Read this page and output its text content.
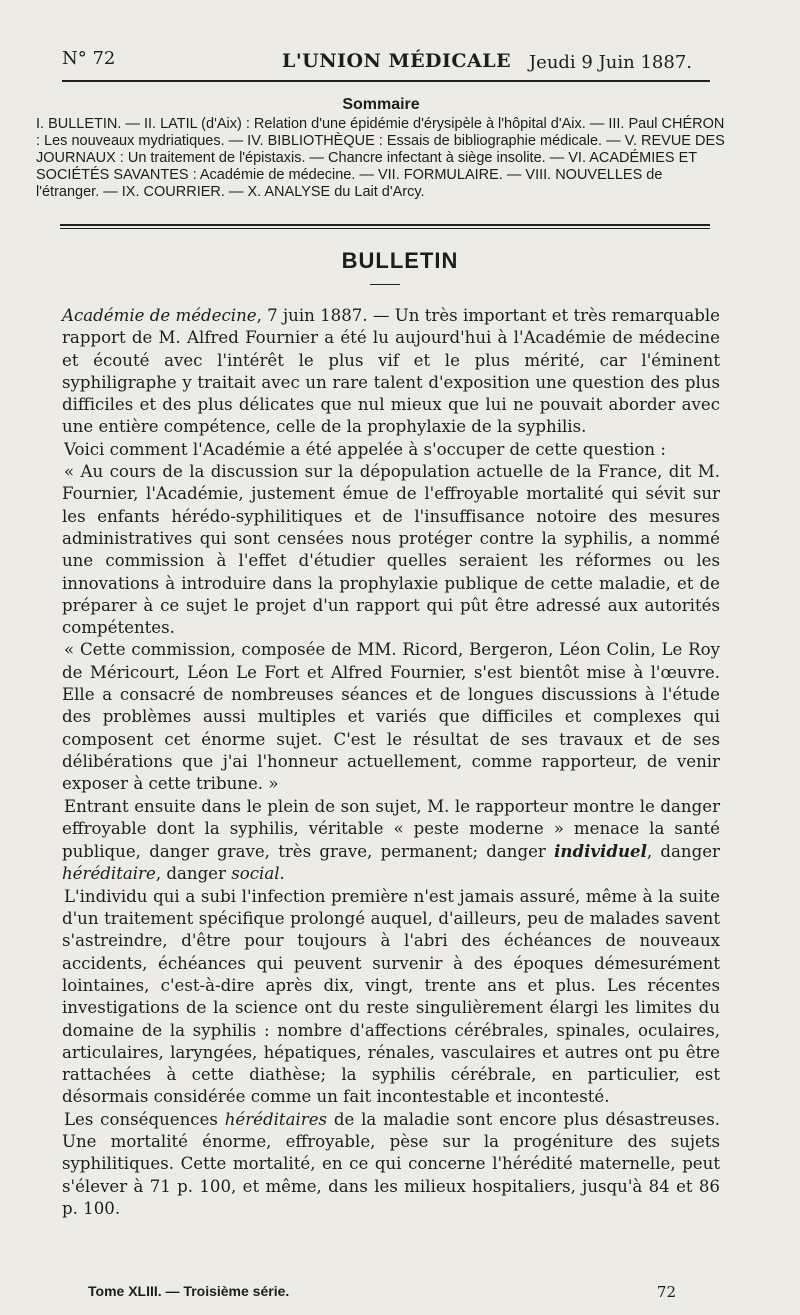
N° 72	L'UNION MÉDICALE Jeudi 9 Juin 1887.
Sommaire

I. BULLETIN. — II. LATIL (d'Aix) : Relation d'une épidémie d'érysipèle à l'hôpital d'Aix. — III. Paul CHÉRON : Les nouveaux mydriatiques. — IV. BIBLIOTHÈQUE : Essais de bibliographie médicale. — V. REVUE DES JOURNAUX : Un traitement de l'épistaxis. — Chancre infectant à siège insolite. — VI. ACADÉMIES ET SOCIÉTÉS SAVANTES : Académie de médecine. — VII. FORMULAIRE. — VIII. NOUVELLES de l'étranger. — IX. COURRIER. — X. ANALYSE du Lait d'Arcy.

BULLETIN

Académie de médecine, 7 juin 1887. — Un très important et très remarquable rapport de M. Alfred Fournier a été lu aujourd'hui à l'Académie de médecine et écouté avec l'intérêt le plus vif et le plus mérité, car l'éminent syphiligraphe y traitait avec un rare talent d'exposition une question des plus difficiles et des plus délicates que nul mieux que lui ne pouvait aborder avec une entière compétence, celle de la prophylaxie de la syphilis.

Voici comment l'Académie a été appelée à s'occuper de cette question :

« Au cours de la discussion sur la dépopulation actuelle de la France, dit M. Fournier, l'Académie, justement émue de l'effroyable mortalité qui sévit sur les enfants hérédo-syphilitiques et de l'insuffisance notoire des mesures administratives qui sont censées nous protéger contre la syphilis, a nommé une commission à l'effet d'étudier quelles seraient les réformes ou les innovations à introduire dans la prophylaxie publique de cette maladie, et de préparer à ce sujet le projet d'un rapport qui pût être adressé aux autorités compétentes.

« Cette commission, composée de MM. Ricord, Bergeron, Léon Colin, Le Roy de Méricourt, Léon Le Fort et Alfred Fournier, s'est bientôt mise à l'œuvre. Elle a consacré de nombreuses séances et de longues discussions à l'étude des problèmes aussi multiples et variés que difficiles et complexes qui composent cet énorme sujet. C'est le résultat de ses travaux et de ses délibérations que j'ai l'honneur actuellement, comme rapporteur, de venir exposer à cette tribune. »

Entrant ensuite dans le plein de son sujet, M. le rapporteur montre le danger effroyable dont la syphilis, véritable « peste moderne » menace la santé publique, danger grave, très grave, permanent; danger individuel, danger héréditaire, danger social.

L'individu qui a subi l'infection première n'est jamais assuré, même à la suite d'un traitement spécifique prolongé auquel, d'ailleurs, peu de malades savent s'astreindre, d'être pour toujours à l'abri des échéances de nouveaux accidents, échéances qui peuvent survenir à des époques démesurément lointaines, c'est-à-dire après dix, vingt, trente ans et plus. Les récentes investigations de la science ont du reste singulièrement élargi les limites du domaine de la syphilis : nombre d'affections cérébrales, spinales, oculaires, articulaires, laryngées, hépatiques, rénales, vasculaires et autres ont pu être rattachées à cette diathèse; la syphilis cérébrale, en particulier, est désormais considérée comme un fait incontestable et incontesté.

Les conséquences héréditaires de la maladie sont encore plus désastreuses. Une mortalité énorme, effroyable, pèse sur la progéniture des sujets syphilitiques. Cette mortalité, en ce qui concerne l'hérédité maternelle, peut s'élever à 71 p. 100, et même, dans les milieux hospitaliers, jusqu'à 84 et 86 p. 100.

Tome XLIII. — Troisième série.	72
